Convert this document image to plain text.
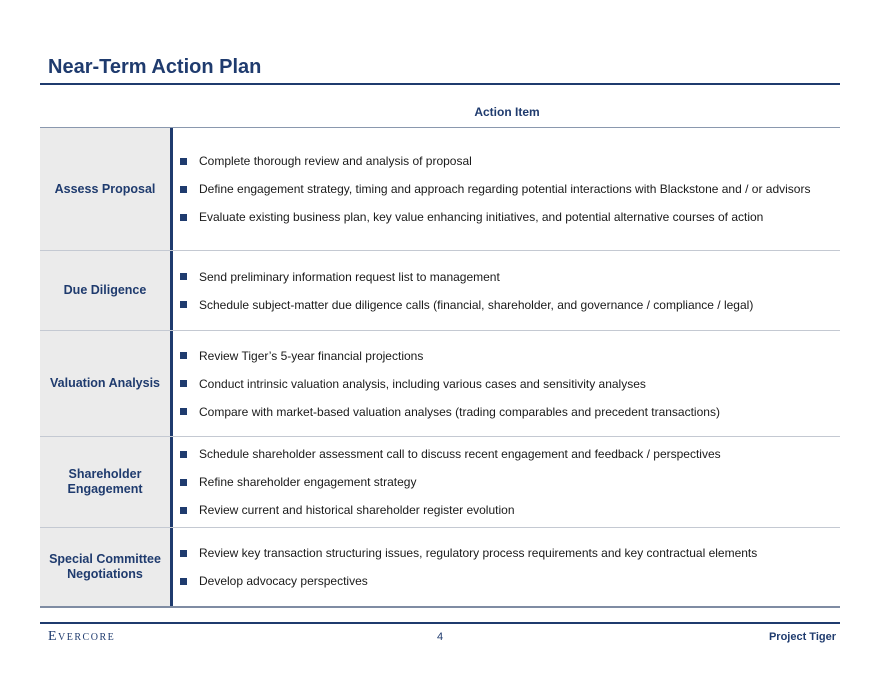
Near-Term Action Plan
Action Item
Assess Proposal
Complete thorough review and analysis of proposal
Define engagement strategy, timing and approach regarding potential interactions with Blackstone and / or advisors
Evaluate existing business plan, key value enhancing initiatives, and potential alternative courses of action
Due Diligence
Send preliminary information request list to management
Schedule subject-matter due diligence calls (financial, shareholder, and governance / compliance / legal)
Valuation Analysis
Review Tiger’s 5-year financial projections
Conduct intrinsic valuation analysis, including various cases and sensitivity analyses
Compare with market-based valuation analyses (trading comparables and precedent transactions)
Shareholder Engagement
Schedule shareholder assessment call to discuss recent engagement and feedback / perspectives
Refine shareholder engagement strategy
Review current and historical shareholder register evolution
Special Committee Negotiations
Review key transaction structuring issues, regulatory process requirements and key contractual elements
Develop advocacy perspectives
Evercore	4	Project Tiger
